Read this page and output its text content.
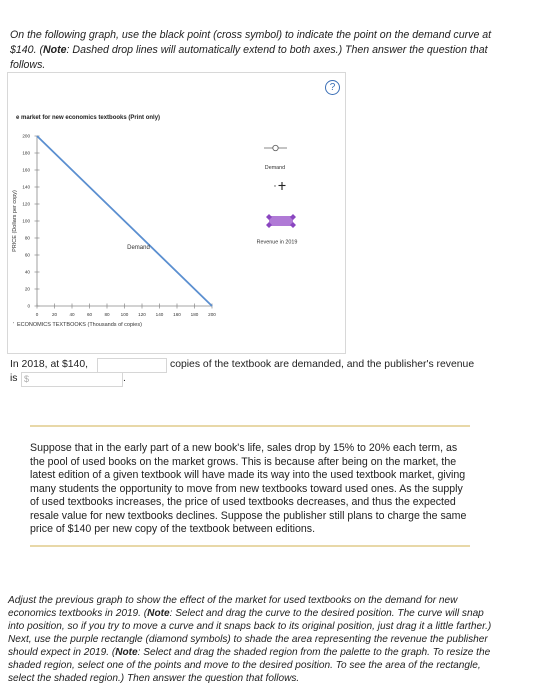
On the following graph, use the black point (cross symbol) to indicate the point on the demand curve at $140. (Note: Dashed drop lines will automatically extend to both axes.) Then answer the question that follows.
?
e market for new economics textbooks (Print only)
0	20	40	60	80 100 120 140 160 180 200
0
20
40
60
80
100
120
140
160
180
200
Demand
PRICE (Dollars per copy)
ECONOMICS TEXTBOOKS (Thousands of copies)
’
Demand
Revenue in 2019
In 2018, at $140,	copies of the textbook are demanded, and the publisher's revenue
is $	.
Suppose that in the early part of a new book's life, sales drop by 15% to 20% each term, as the pool of used books on the market grows. This is because after being on the market, the latest edition of a given textbook will have made its way into the used textbook market, giving many students the opportunity to move from new textbooks toward used ones. As the supply of used textbooks increases, the price of used textbooks decreases, and thus the expected resale value for new textbooks declines. Suppose the publisher still plans to charge the same price of $140 per new copy of the textbook between editions.
Adjust the previous graph to show the effect of the market for used textbooks on the demand for new economics textbooks in 2019. (Note: Select and drag the curve to the desired position. The curve will snap into position, so if you try to move a curve and it snaps back to its original position, just drag it a little farther.) Next, use the purple rectangle (diamond symbols) to shade the area representing the revenue the publisher should expect in 2019. (Note: Select and drag the shaded region from the palette to the graph. To resize the shaded region, select one of the points and move to the desired position. To see the area of the rectangle, select the shaded region.) Then answer the question that follows.
